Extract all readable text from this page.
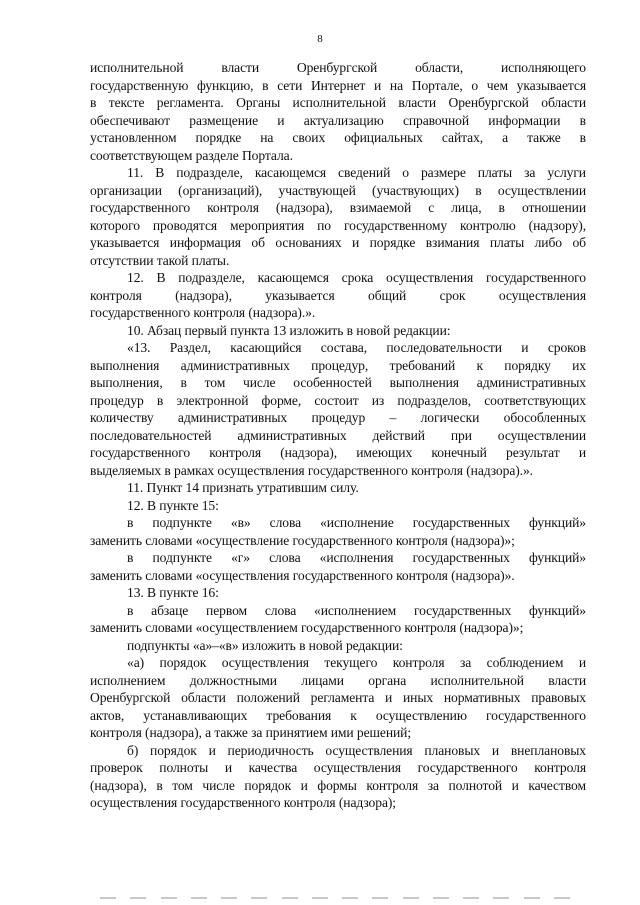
8

исполнительной власти Оренбургской области, исполняющего

государственную функцию, в сети Интернет и на Портале, о чем указывается

в тексте регламента. Органы исполнительной власти Оренбургской области

обеспечивают размещение и актуализацию справочной информации в

установленном порядке на своих официальных сайтах, а также в

соответствующем разделе Портала.

11. В подразделе, касающемся сведений о размере платы за услуги

организации (организаций), участвующей (участвующих) в осуществлении

государственного контроля (надзора), взимаемой с лица, в отношении

которого проводятся мероприятия по государственному контролю (надзору),

указывается информация об основаниях и порядке взимания платы либо об

отсутствии такой платы.

12. В подразделе, касающемся срока осуществления государственного

контроля (надзора), указывается общий срок осуществления

государственного контроля (надзора).».

10. Абзац первый пункта 13 изложить в новой редакции:

«13. Раздел, касающийся состава, последовательности и сроков

выполнения административных процедур, требований к порядку их

выполнения, в том числе особенностей выполнения административных

процедур в электронной форме, состоит из подразделов, соответствующих

количеству административных процедур – логически обособленных

последовательностей административных действий при осуществлении

государственного контроля (надзора), имеющих конечный результат и

выделяемых в рамках осуществления государственного контроля (надзора).».

11. Пункт 14 признать утратившим силу.

12. В пункте 15:

в подпункте «в» слова «исполнение государственных функций»

заменить словами «осуществление государственного контроля (надзора)»;

в подпункте «г» слова «исполнения государственных функций»

заменить словами «осуществления государственного контроля (надзора)».

13. В пункте 16:

в абзаце первом слова «исполнением государственных функций»

заменить словами «осуществлением государственного контроля (надзора)»;

подпункты «а»–«в» изложить в новой редакции:

«а) порядок осуществления текущего контроля за соблюдением и

исполнением должностными лицами органа исполнительной власти

Оренбургской области положений регламента и иных нормативных правовых

актов, устанавливающих требования к осуществлению государственного

контроля (надзора), а также за принятием ими решений;

б) порядок и периодичность осуществления плановых и внеплановых

проверок полноты и качества осуществления государственного контроля

(надзора), в том числе порядок и формы контроля за полнотой и качеством

осуществления государственного контроля (надзора);
